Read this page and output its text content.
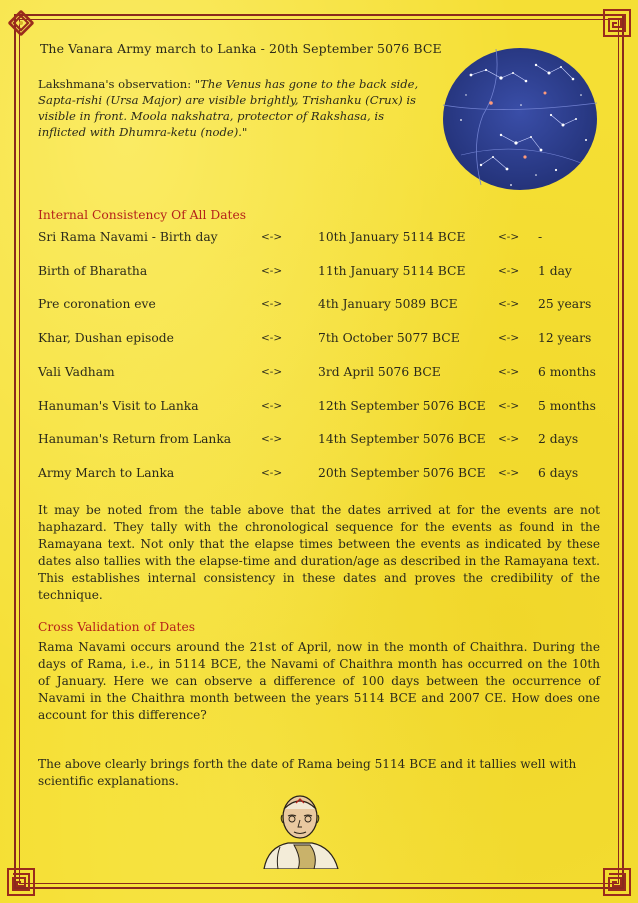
The Vanara Army march to Lanka - 20th September 5076 BCE
Lakshmana's observation: "The Venus has gone to the back side, Sapta-rishi (Ursa Major) are visible brightly, Trishanku (Crux) is visible in front. Moola nakshatra, protector of Rakshasa, is inflicted with Dhumra-ketu (node)."
Internal Consistency Of All Dates
Sri Rama Navami - Birth day	<->	10th January 5114 BCE	<-> -
Birth of Bharatha	<->	11th January 5114 BCE	<-> 1 day
Pre coronation eve	<->	4th January 5089 BCE	<-> 25 years
Khar, Dushan episode	<->	7th October 5077 BCE	<-> 12 years
Vali Vadham	<->	3rd April 5076 BCE	<-> 6 months
Hanuman's Visit to Lanka	<->	12th September 5076 BCE <-> 5 months
Hanuman's Return from Lanka	<->	14th September 5076 BCE <-> 2 days
Army March to Lanka	<->	20th September 5076 BCE <-> 6 days

It may be noted from the table above that the dates arrived at for the events are not haphazard. They tally with the chronological sequence for the events as found in the Ramayana text. Not only that the elapse times between the events as indicated by these dates also tallies with the elapse-time and duration/age as described in the Ramayana text. This establishes internal consistency in these dates and proves the credibility of the technique.

Cross Validation of Dates

Rama Navami occurs around the 21st of April, now in the month of Chaithra. During the days of Rama, i.e., in 5114 BCE, the Navami of Chaithra month has occurred on the 10th of January. Here we can observe a difference of 100 days between the occurrence of Navami in the Chaithra month between the years 5114 BCE and 2007 CE. How does one account for this difference?

The above clearly brings forth the date of Rama being 5114 BCE and it tallies well with scientific explanations.
